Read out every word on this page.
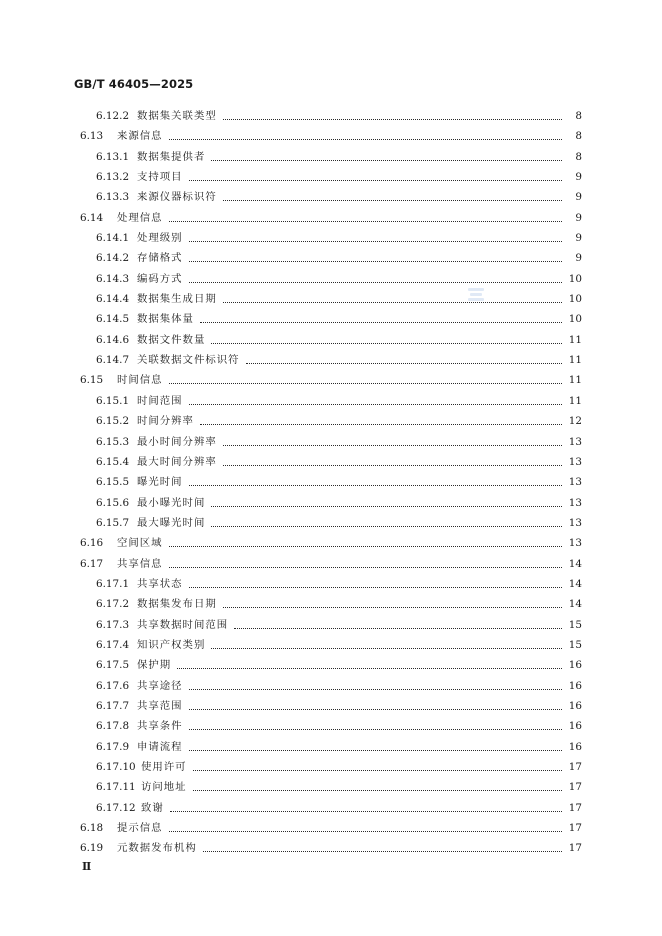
GB/T 46405—2025
6.12.2 数据集关联类型	8
6.13 来源信息	8
6.13.1 数据集提供者	8
6.13.2 支持项目	9
6.13.3 来源仪器标识符	9
6.14 处理信息	9
6.14.1 处理级别	9
6.14.2 存储格式	9
6.14.3 编码方式	10
6.14.4 数据集生成日期	10
6.14.5 数据集体量	10
6.14.6 数据文件数量	11
6.14.7 关联数据文件标识符	11
6.15 时间信息	11
6.15.1 时间范围	11
6.15.2 时间分辨率	12
6.15.3 最小时间分辨率	13
6.15.4 最大时间分辨率	13
6.15.5 曝光时间	13
6.15.6 最小曝光时间	13
6.15.7 最大曝光时间	13
6.16 空间区域	13
6.17 共享信息	14
6.17.1 共享状态	14
6.17.2 数据集发布日期	14
6.17.3 共享数据时间范围	15
6.17.4 知识产权类别	15
6.17.5 保护期	16
6.17.6 共享途径	16
6.17.7 共享范围	16
6.17.8 共享条件	16
6.17.9 申请流程	16
6.17.10 使用许可	17
6.17.11 访问地址	17
6.17.12 致谢	17
6.18 提示信息	17
6.19 元数据发布机构	17
Ⅱ
